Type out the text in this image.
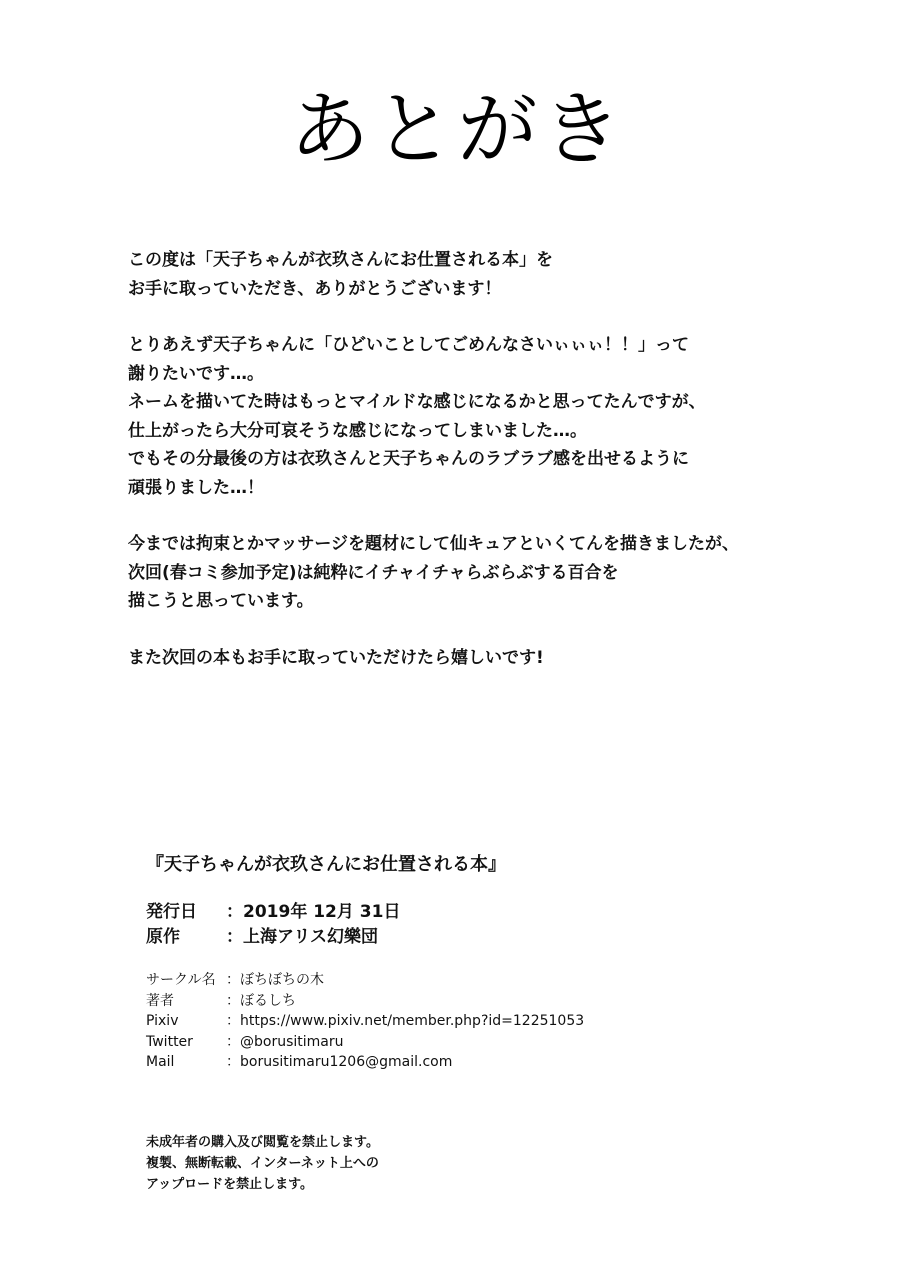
あとがき
この度は「天子ちゃんが衣玖さんにお仕置される本」を
お手に取っていただき、ありがとうございます！
とりあえず天子ちゃんに「ひどいことしてごめんなさいぃぃぃ！！」って
謝りたいです…。
ネームを描いてた時はもっとマイルドな感じになるかと思ってたんですが、
仕上がったら大分可哀そうな感じになってしまいました…。
でもその分最後の方は衣玖さんと天子ちゃんのラブラブ感を出せるように
頑張りました…！
今までは拘束とかマッサージを題材にして仙キュアといくてんを描きましたが、
次回(春コミ参加予定)は純粋にイチャイチャらぶらぶする百合を
描こうと思っています。
また次回の本もお手に取っていただけたら嬉しいです!
『天子ちゃんが衣玖さんにお仕置される本』
発行日	：2019年 12月 31日
原作	：上海アリス幻樂団
サークル名 ：ぼちぼちの木
著者	：ぼるしち
Pixiv	：https://www.pixiv.net/member.php?id=12251053
Twitter	：@borusitimaru
Mail	：borusitimaru1206@gmail.com
未成年者の購入及び閲覧を禁止します。
複製、無断転載、インターネット上への
アップロードを禁止します。
